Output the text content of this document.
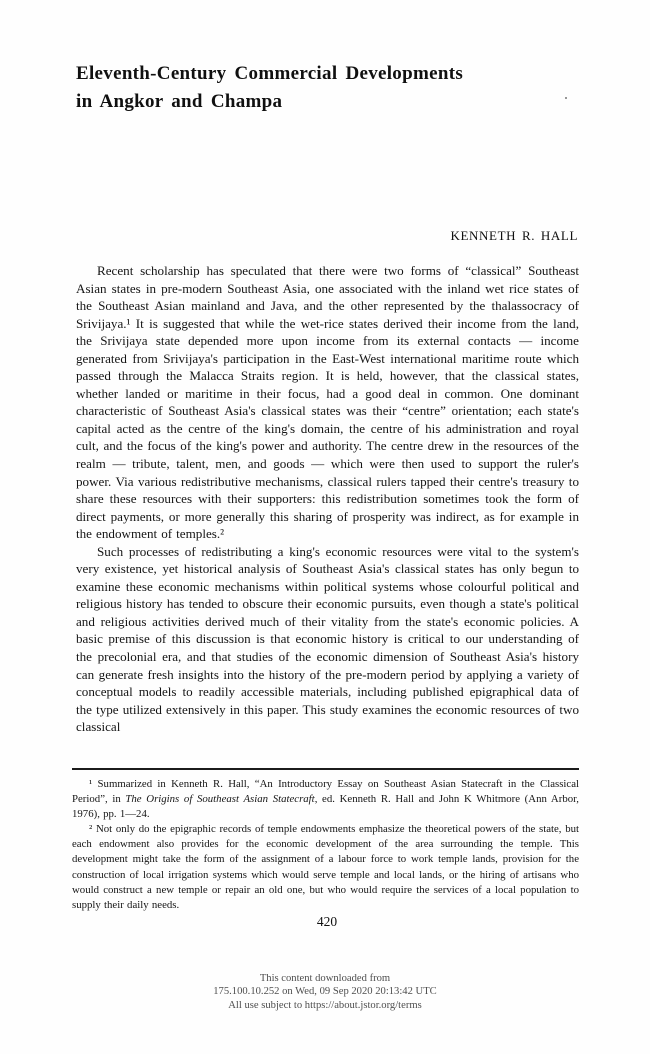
Eleventh-Century Commercial Developments
in Angkor and Champa
KENNETH R. HALL

Recent scholarship has speculated that there were two forms of “classical” Southeast Asian states in pre-modern Southeast Asia, one associated with the inland wet rice states of the Southeast Asian mainland and Java, and the other represented by the thalassocracy of Srivijaya.¹ It is suggested that while the wet-rice states derived their income from the land, the Srivijaya state depended more upon income from its external contacts — income generated from Srivijaya's participation in the East-West international maritime route which passed through the Malacca Straits region. It is held, however, that the classical states, whether landed or maritime in their focus, had a good deal in common. One dominant characteristic of Southeast Asia's classical states was their “centre” orientation; each state's capital acted as the centre of the king's domain, the centre of his administration and royal cult, and the focus of the king's power and authority. The centre drew in the resources of the realm — tribute, talent, men, and goods — which were then used to support the ruler's power. Via various redistributive mechanisms, classical rulers tapped their centre's treasury to share these resources with their supporters: this redistribution sometimes took the form of direct payments, or more generally this sharing of prosperity was indirect, as for example in the endowment of temples.²

Such processes of redistributing a king's economic resources were vital to the system's very existence, yet historical analysis of Southeast Asia's classical states has only begun to examine these economic mechanisms within political systems whose colourful political and religious history has tended to obscure their economic pursuits, even though a state's political and religious activities derived much of their vitality from the state's economic policies. A basic premise of this discussion is that economic history is critical to our understanding of the precolonial era, and that studies of the economic dimension of Southeast Asia's history can generate fresh insights into the history of the pre-modern period by applying a variety of conceptual models to readily accessible materials, including published epigraphical data of the type utilized extensively in this paper. This study examines the economic resources of two classical

¹ Summarized in Kenneth R. Hall, “An Introductory Essay on Southeast Asian Statecraft in the Classical Period”, in The Origins of Southeast Asian Statecraft, ed. Kenneth R. Hall and John K Whitmore (Ann Arbor, 1976), pp. 1—24.

² Not only do the epigraphic records of temple endowments emphasize the theoretical powers of the state, but each endowment also provides for the economic development of the area surrounding the temple. This development might take the form of the assignment of a labour force to work temple lands, provision for the construction of local irrigation systems which would serve temple and local lands, or the hiring of artisans who would construct a new temple or repair an old one, but who would require the services of a local population to supply their daily needs.

420
This content downloaded from
175.100.10.252 on Wed, 09 Sep 2020 20:13:42 UTC
All use subject to https://about.jstor.org/terms
